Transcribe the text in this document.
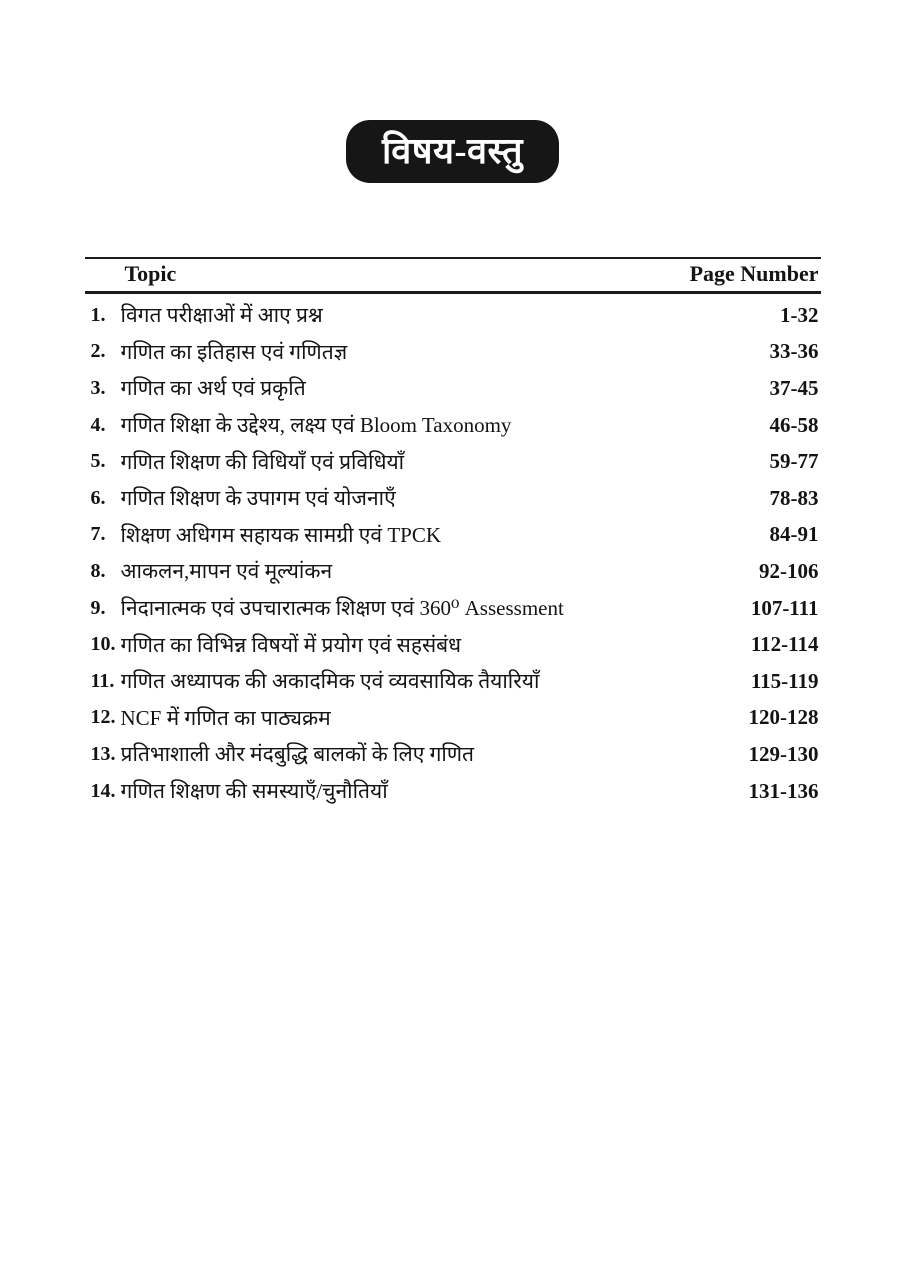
विषय-वस्तु
Topic	Page Number
1. विगत परीक्षाओं में आए प्रश्न	1-32
2. गणित का इतिहास एवं गणितज्ञ	33-36
3. गणित का अर्थ एवं प्रकृति	37-45
4. गणित शिक्षा के उद्देश्य, लक्ष्य एवं Bloom Taxonomy	46-58
5. गणित शिक्षण की विधियाँ एवं प्रविधियाँ	59-77
6. गणित शिक्षण के उपागम एवं योजनाएँ	78-83
7. शिक्षण अधिगम सहायक सामग्री एवं TPCK	84-91
8. आकलन,मापन एवं मूल्यांकन	92-106
9. निदानात्मक एवं उपचारात्मक शिक्षण एवं 360⁰ Assessment	107-111
10. गणित का विभिन्न विषयों में प्रयोग एवं सहसंबंध	112-114
11. गणित अध्यापक की अकादमिक एवं व्यवसायिक तैयारियाँ	115-119
12. NCF में गणित का पाठ्यक्रम	120-128
13. प्रतिभाशाली और मंदबुद्धि बालकों के लिए गणित	129-130
14. गणित शिक्षण की समस्याएँ/चुनौतियाँ	131-136
